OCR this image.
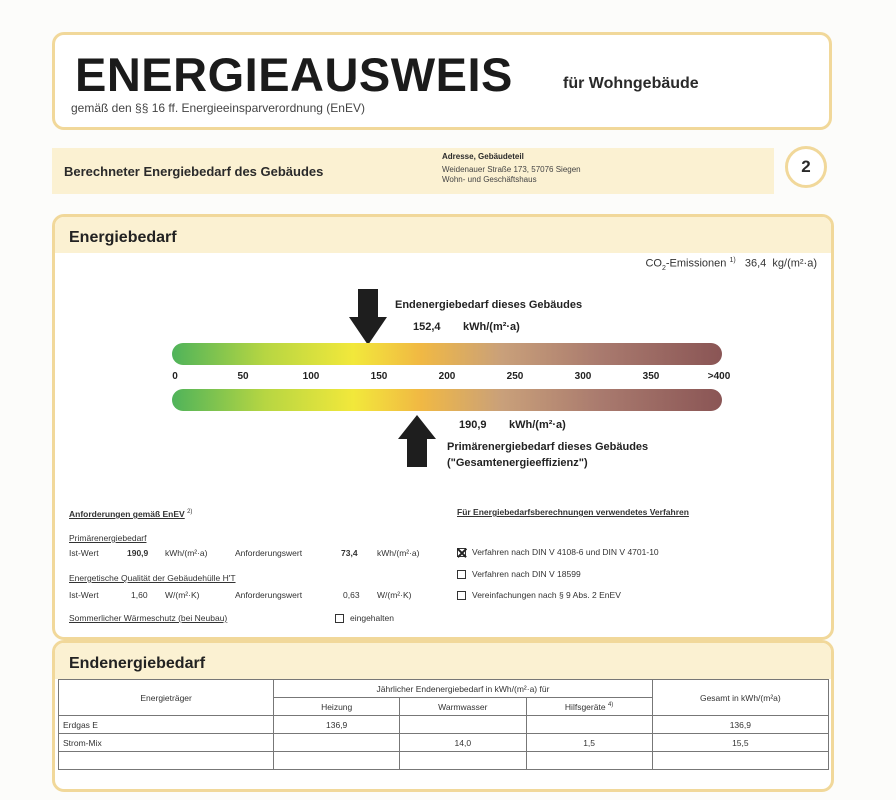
ENERGIEAUSWEIS	für Wohngebäude
gemäß den §§ 16 ff. Energieeinsparverordnung (EnEV)
Berechneter Energiebedarf des Gebäudes
Adresse, Gebäudeteil
Weidenauer Straße 173, 57076 Siegen
Wohn- und Geschäftshaus
2
Energiebedarf
$CO_2$-Emissionen $^{1)}$ 36,4 kg/(m²·a)
Endenergiebedarf dieses Gebäudes
152,4 kWh/(m²·a)
0	50	100	150	200	250	300	350	>400
190,9 kWh/(m²·a)
Primärenergiebedarf dieses Gebäudes
("Gesamtenergieeffizienz")
Anforderungen gemäß EnEV $^{2)}$
Primärenergiebedarf
Ist-Wert	190,9 kWh/(m²·a)	Anforderungswert	73,4 kWh/(m²·a)
Energetische Qualität der Gebäudehülle H'T
Ist-Wert	1,60 W/(m²·K)	Anforderungswert	0,63 W/(m²·K)
Sommerlicher Wärmeschutz (bei Neubau)	eingehalten
Für Energiebedarfsberechnungen verwendetes Verfahren
Verfahren nach DIN V 4108-6 und DIN V 4701-10
Verfahren nach DIN V 18599
Vereinfachungen nach § 9 Abs. 2 EnEV
Endenergiebedarf
Energieträger	Jährlicher Endenergiebedarf in kWh/(m²·a) für			Gesamt in kWh/(m²a)
	Heizung	Warmwasser	Hilfsgeräte $^{4)}$
Erdgas E	136,9			136,9
Strom-Mix		14,0	1,5	15,5
